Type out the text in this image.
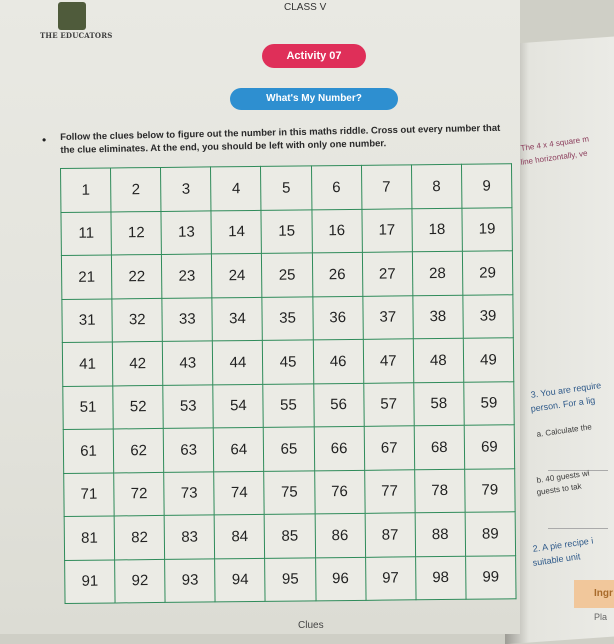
THE EDUCATORS
CLASS V
Activity 07
What's My Number?
• Follow the clues below to figure out the number in this maths riddle. Cross out every number that the clue eliminates. At the end, you should be left with only one number.
1	2	3	4	5	6	7	8	9
11	12	13	14	15	16	17	18	19
21	22	23	24	25	26	27	28	29
31	32	33	34	35	36	37	38	39
41	42	43	44	45	46	47	48	49
51	52	53	54	55	56	57	58	59
61	62	63	64	65	66	67	68	69
71	72	73	74	75	76	77	78	79
81	82	83	84	85	86	87	88	89
91	92	93	94	95	96	97	98	99
Clues
The 4 x 4 square m
line horizontally, ve
3. You are require
person. For a lig
a. Calculate the
b. 40 guests wi
guests to tak
2. A pie recipe i
suitable unit
Ingr
Pla
